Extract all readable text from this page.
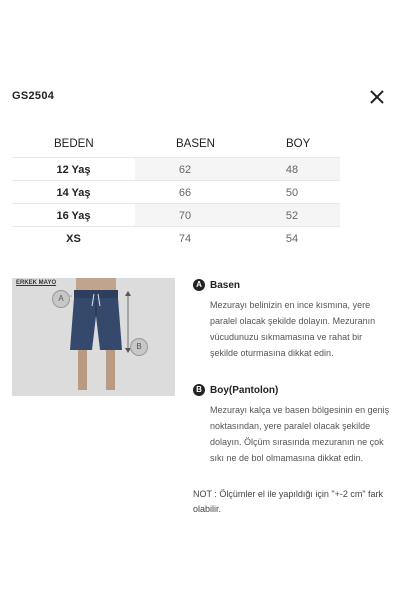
GS2504
BEDEN	BASEN	BOY
12 Yaş	62	48
14 Yaş	66	50
16 Yaş	70	52
XS	74	54
ERKEK MAYO
A
B
A Basen
Mezurayı belinizin en ince kısmına, yere paralel olacak şekilde dolayın. Mezuranın vücudunuzu sıkmamasına ve rahat bir şekilde oturmasına dikkat edin.
B Boy(Pantolon)
Mezurayı kalça ve basen bölgesinin en geniş noktasından, yere paralel olacak şekilde dolayın. Ölçüm sırasında mezuranın ne çok sıkı ne de bol olmamasına dikkat edin.
NOT : Ölçümler el ile yapıldığı için "+-2 cm" fark olabilir.
